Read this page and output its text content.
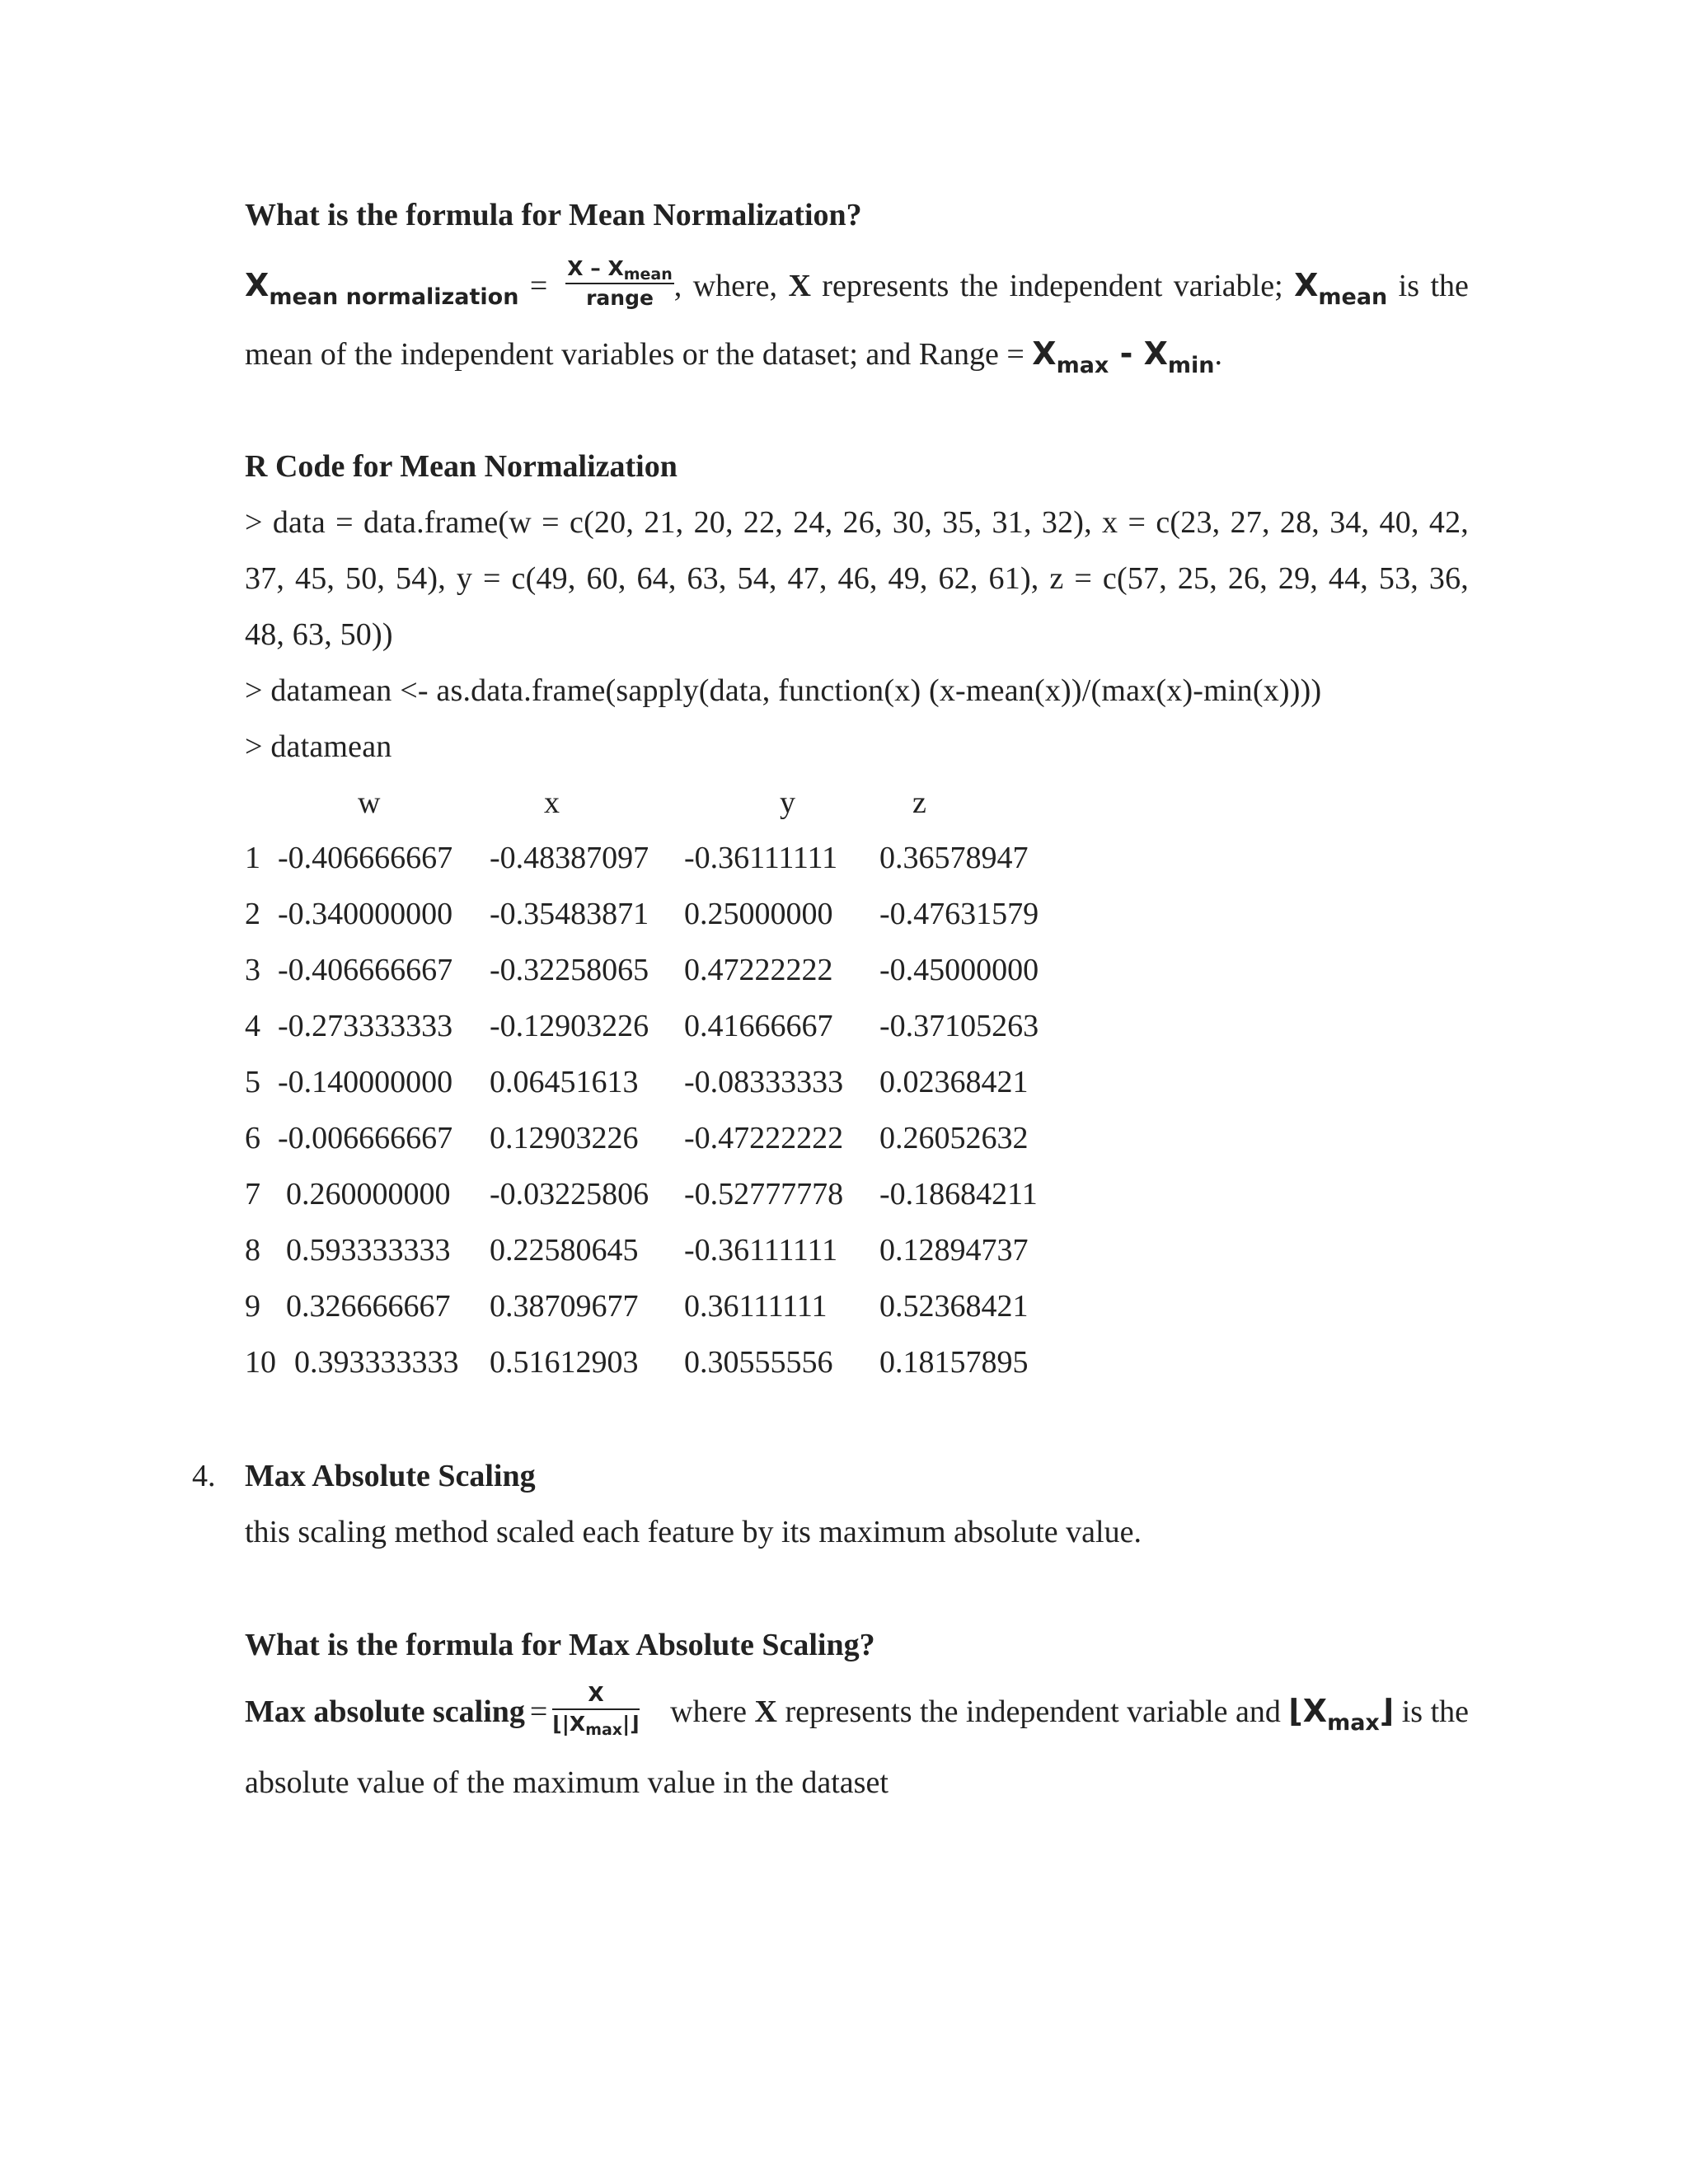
What is the formula for Mean Normalization?
$X_{mean normalization} = \frac{X - X_{mean}}{\text{range}}$ , where, X represents the independent variable; $X_{mean}$ is the
mean of the independent variables or the dataset; and Range = $X_{max} - X_{min}$.
R Code for Mean Normalization
> data = data.frame(w = c(20, 21, 20, 22, 24, 26, 30, 35, 31, 32), x = c(23, 27, 28, 34, 40, 42,
37, 45, 50, 54), y = c(49, 60, 64, 63, 54, 47, 46, 49, 62, 61), z = c(57, 25, 26, 29, 44, 53, 36,
48, 63, 50))
> datamean <- as.data.frame(sapply(data, function(x) (x-mean(x))/(max(x)-min(x))))
> datamean
w	x	y	z
1 -0.406666667 -0.48387097 -0.36111111 0.36578947
2 -0.340000000 -0.35483871 0.25000000 -0.47631579
3 -0.406666667 -0.32258065 0.47222222 -0.45000000
4 -0.273333333 -0.12903226 0.41666667 -0.37105263
5 -0.140000000 0.06451613 -0.08333333 0.02368421
6 -0.006666667 0.12903226 -0.47222222 0.26052632
7 0.260000000 -0.03225806 -0.52777778 -0.18684211
8 0.593333333 0.22580645 -0.36111111 0.12894737
9 0.326666667 0.38709677 0.36111111 0.52368421
10 0.393333333 0.51612903 0.30555556 0.18157895
4. Max Absolute Scaling
this scaling method scaled each feature by its maximum absolute value.
What is the formula for Max Absolute Scaling?
Max absolute scaling = $\frac{X}{⌊|X_{max}|⌋}$ where X represents the independent variable and $⌊X_{max}⌋$ is the
absolute value of the maximum value in the dataset
